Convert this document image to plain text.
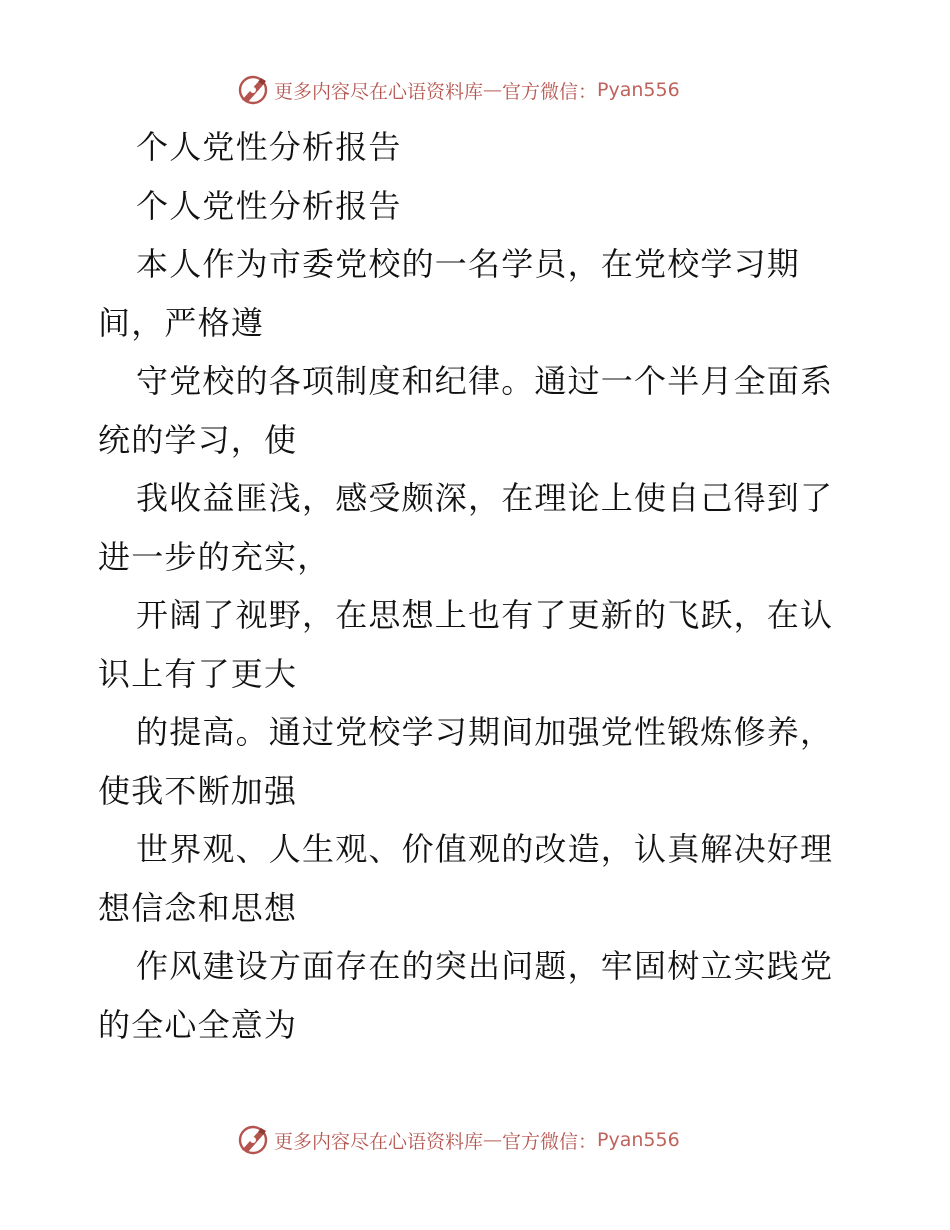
更多内容尽在心语资料库 — 官方微信： Pyan556
个人党性分析报告
个人党性分析报告
本人作为市委党校的一名学员，在党校学习期
间，严格遵
守党校的各项制度和纪律。通过一个半月全面系
统的学习，使
我收益匪浅，感受颇深，在理论上使自己得到了
进一步的充实，
开阔了视野，在思想上也有了更新的飞跃，在认
识上有了更大
的提高。通过党校学习期间加强党性锻炼修养，
使我不断加强
世界观、人生观、价值观的改造，认真解决好理
想信念和思想
作风建设方面存在的突出问题，牢固树立实践党
的全心全意为
更多内容尽在心语资料库 — 官方微信： Pyan556
